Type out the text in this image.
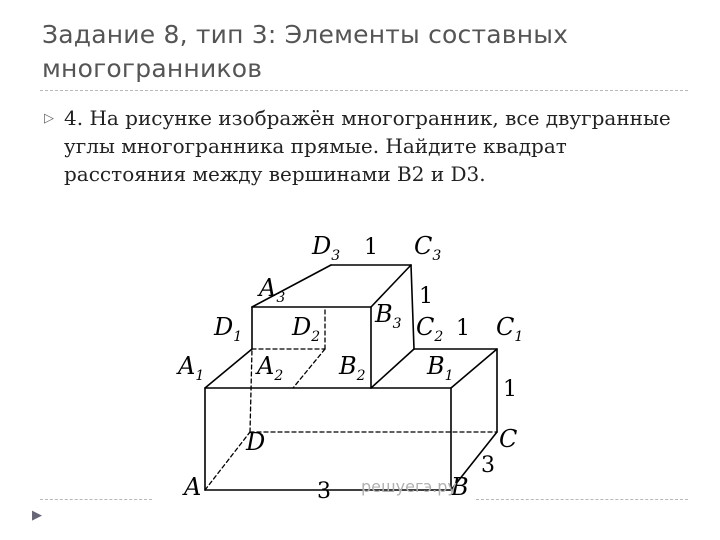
Задание 8, тип 3: Элементы составных многогранников
▷ 4. На рисунке изображён многогранник, все двугранные углы многогранника прямые. Найдите квадрат расстояния между вершинами B2 и D3.
$D_3$	$C_3$
$A_3$
$B_3$
$D_1$ $D_2$	$C_2$ $C_1$
$A_1$ $A_2$ $B_2$	$B_1$
D	C
A	B
1
1
1
1
3
3 решуегэ.ру
▶
